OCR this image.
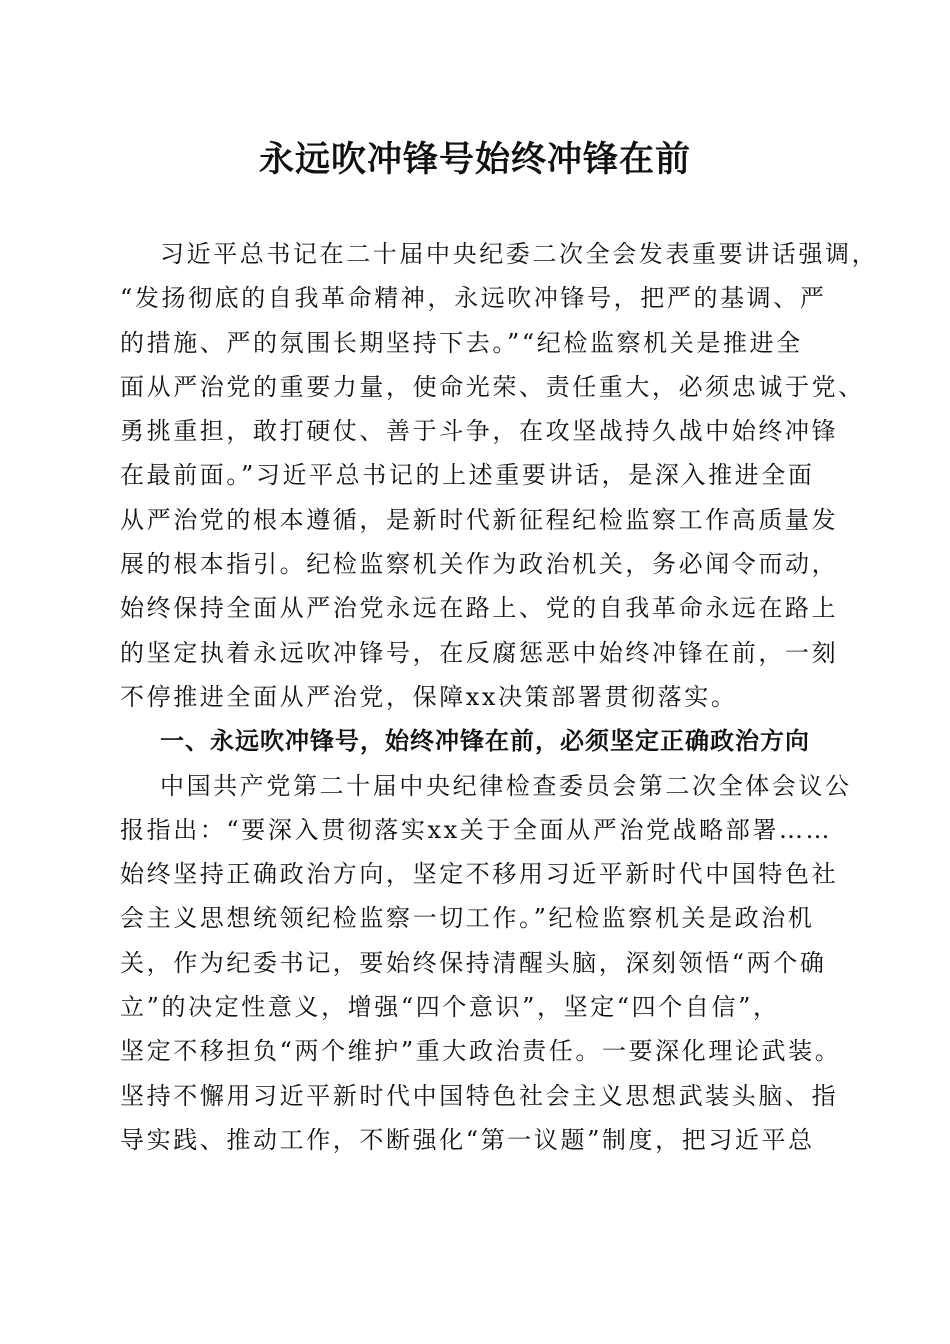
永远吹冲锋号始终冲锋在前
习近平总书记在二十届中央纪委二次全会发表重要讲话强调，
“发扬彻底的自我革命精神，永远吹冲锋号，把严的基调、严
的措施、严的氛围长期坚持下去。”“纪检监察机关是推进全
面从严治党的重要力量，使命光荣、责任重大，必须忠诚于党、
勇挑重担，敢打硬仗、善于斗争，在攻坚战持久战中始终冲锋
在最前面。”习近平总书记的上述重要讲话，是深入推进全面
从严治党的根本遵循，是新时代新征程纪检监察工作高质量发
展的根本指引。纪检监察机关作为政治机关，务必闻令而动，
始终保持全面从严治党永远在路上、党的自我革命永远在路上
的坚定执着永远吹冲锋号，在反腐惩恶中始终冲锋在前，一刻
不停推进全面从严治党，保障xx决策部署贯彻落实。
一、永远吹冲锋号，始终冲锋在前，必须坚定正确政治方向
中国共产党第二十届中央纪律检查委员会第二次全体会议公
报指出：“要深入贯彻落实xx关于全面从严治党战略部署……
始终坚持正确政治方向，坚定不移用习近平新时代中国特色社
会主义思想统领纪检监察一切工作。”纪检监察机关是政治机
关，作为纪委书记，要始终保持清醒头脑，深刻领悟“两个确
立”的决定性意义，增强“四个意识”，坚定“四个自信”，
坚定不移担负“两个维护”重大政治责任。一要深化理论武装。
坚持不懈用习近平新时代中国特色社会主义思想武装头脑、指
导实践、推动工作，不断强化“第一议题”制度，把习近平总
